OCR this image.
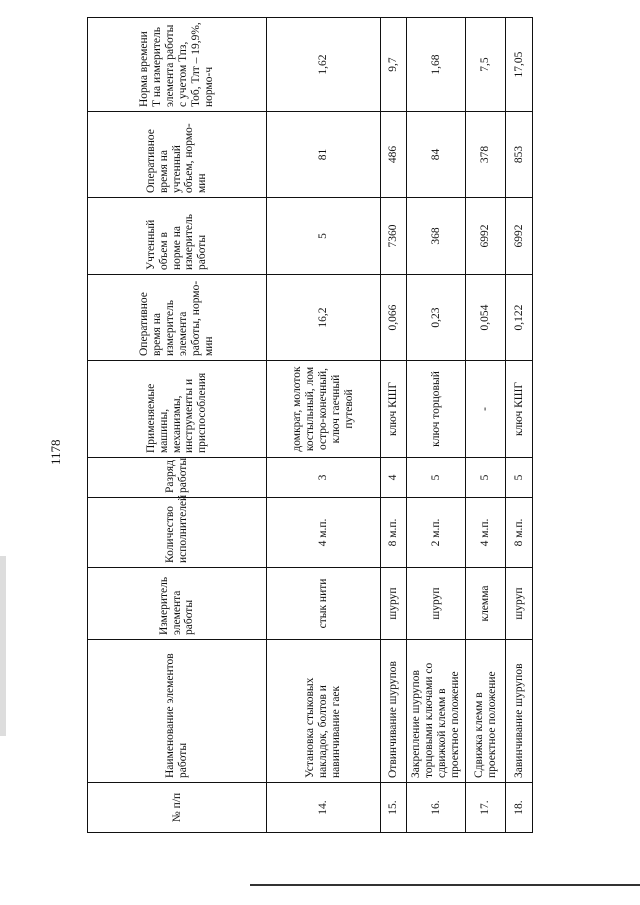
1178
№ п/п	Наименование элементов работы	Измеритель элемента работы	Количество исполнителей	Разряд работы	Применяемые машины, механизмы, инструменты и приспособления	Оперативное время на измеритель элемента работы, нормо-мин	Учтенный объем в норме на измеритель работы	Оперативное время на учтенный объем, нормо-мин	Норма времени Т на измеритель элемента работы с учетом Тпз, Тоб, Тлт – 19,9%, нормо-ч
14.	Установка стыковых накладок, болтов и навинчивание гаек	стык нити	4 м.п.	3	домкрат, молоток костыльный, лом остро-конечный, ключ гаечный путевой	16,2	5	81	1,62
15.	Отвинчивание шурупов	шуруп	8 м.п.	4	ключ КШГ	0,066	7360	486	9,7
16.	Закрепление шурупов торцовыми ключами со сдвижкой клемм в проектное положение	шуруп	2 м.п.	5	ключ торцовый	0,23	368	84	1,68
17.	Сдвижка клемм в проектное положение	клемма	4 м.п.	5	-	0,054	6992	378	7,5
18.	Завинчивание шурупов	шуруп	8 м.п.	5	ключ КШГ	0,122	6992	853	17,05
